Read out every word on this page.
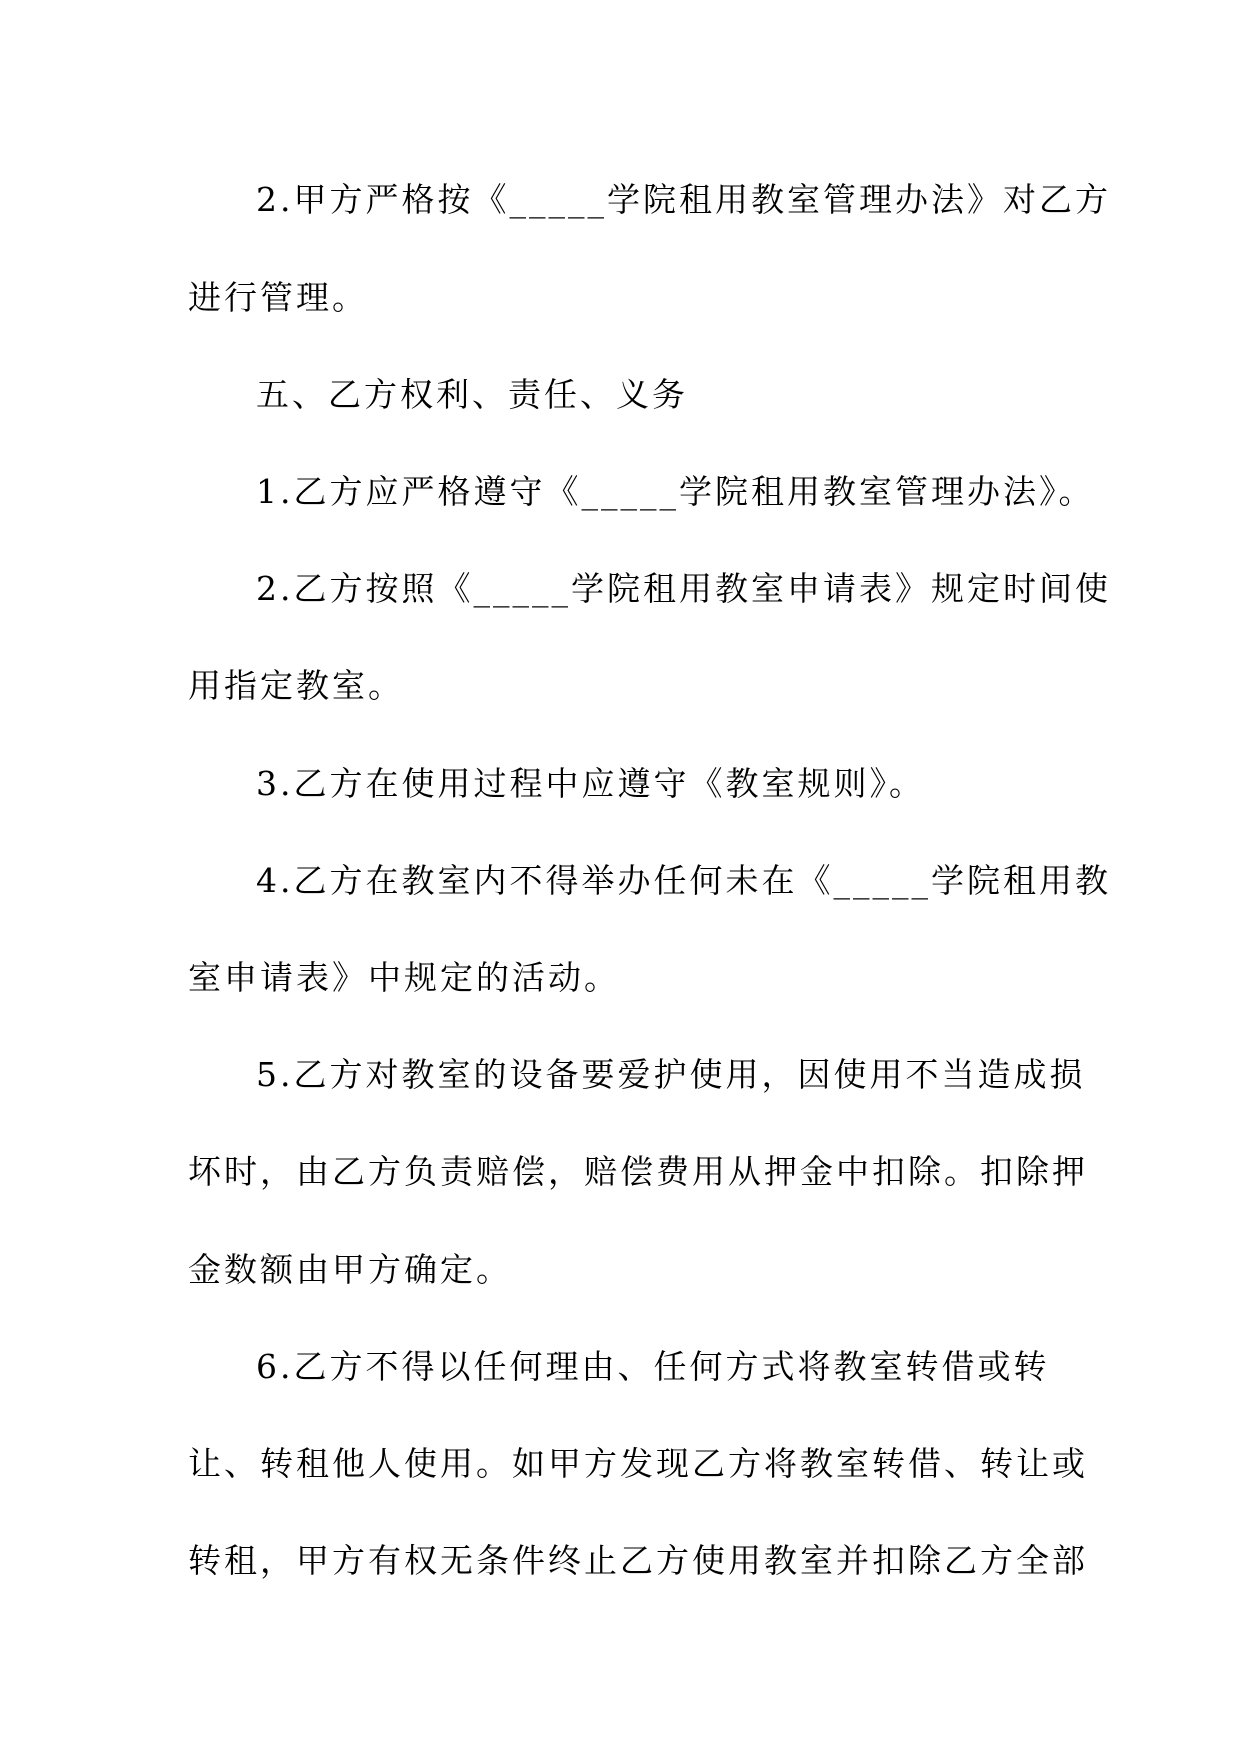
2.甲方严格按《_____学院租用教室管理办法》对乙方
进行管理。
五、乙方权利、责任、义务
1.乙方应严格遵守《_____学院租用教室管理办法》。
2.乙方按照《_____学院租用教室申请表》规定时间使
用指定教室。
3.乙方在使用过程中应遵守《教室规则》。
4.乙方在教室内不得举办任何未在《_____学院租用教
室申请表》中规定的活动。
5.乙方对教室的设备要爱护使用，因使用不当造成损
坏时，由乙方负责赔偿，赔偿费用从押金中扣除。扣除押
金数额由甲方确定。
6.乙方不得以任何理由、任何方式将教室转借或转
让、转租他人使用。如甲方发现乙方将教室转借、转让或
转租，甲方有权无条件终止乙方使用教室并扣除乙方全部
